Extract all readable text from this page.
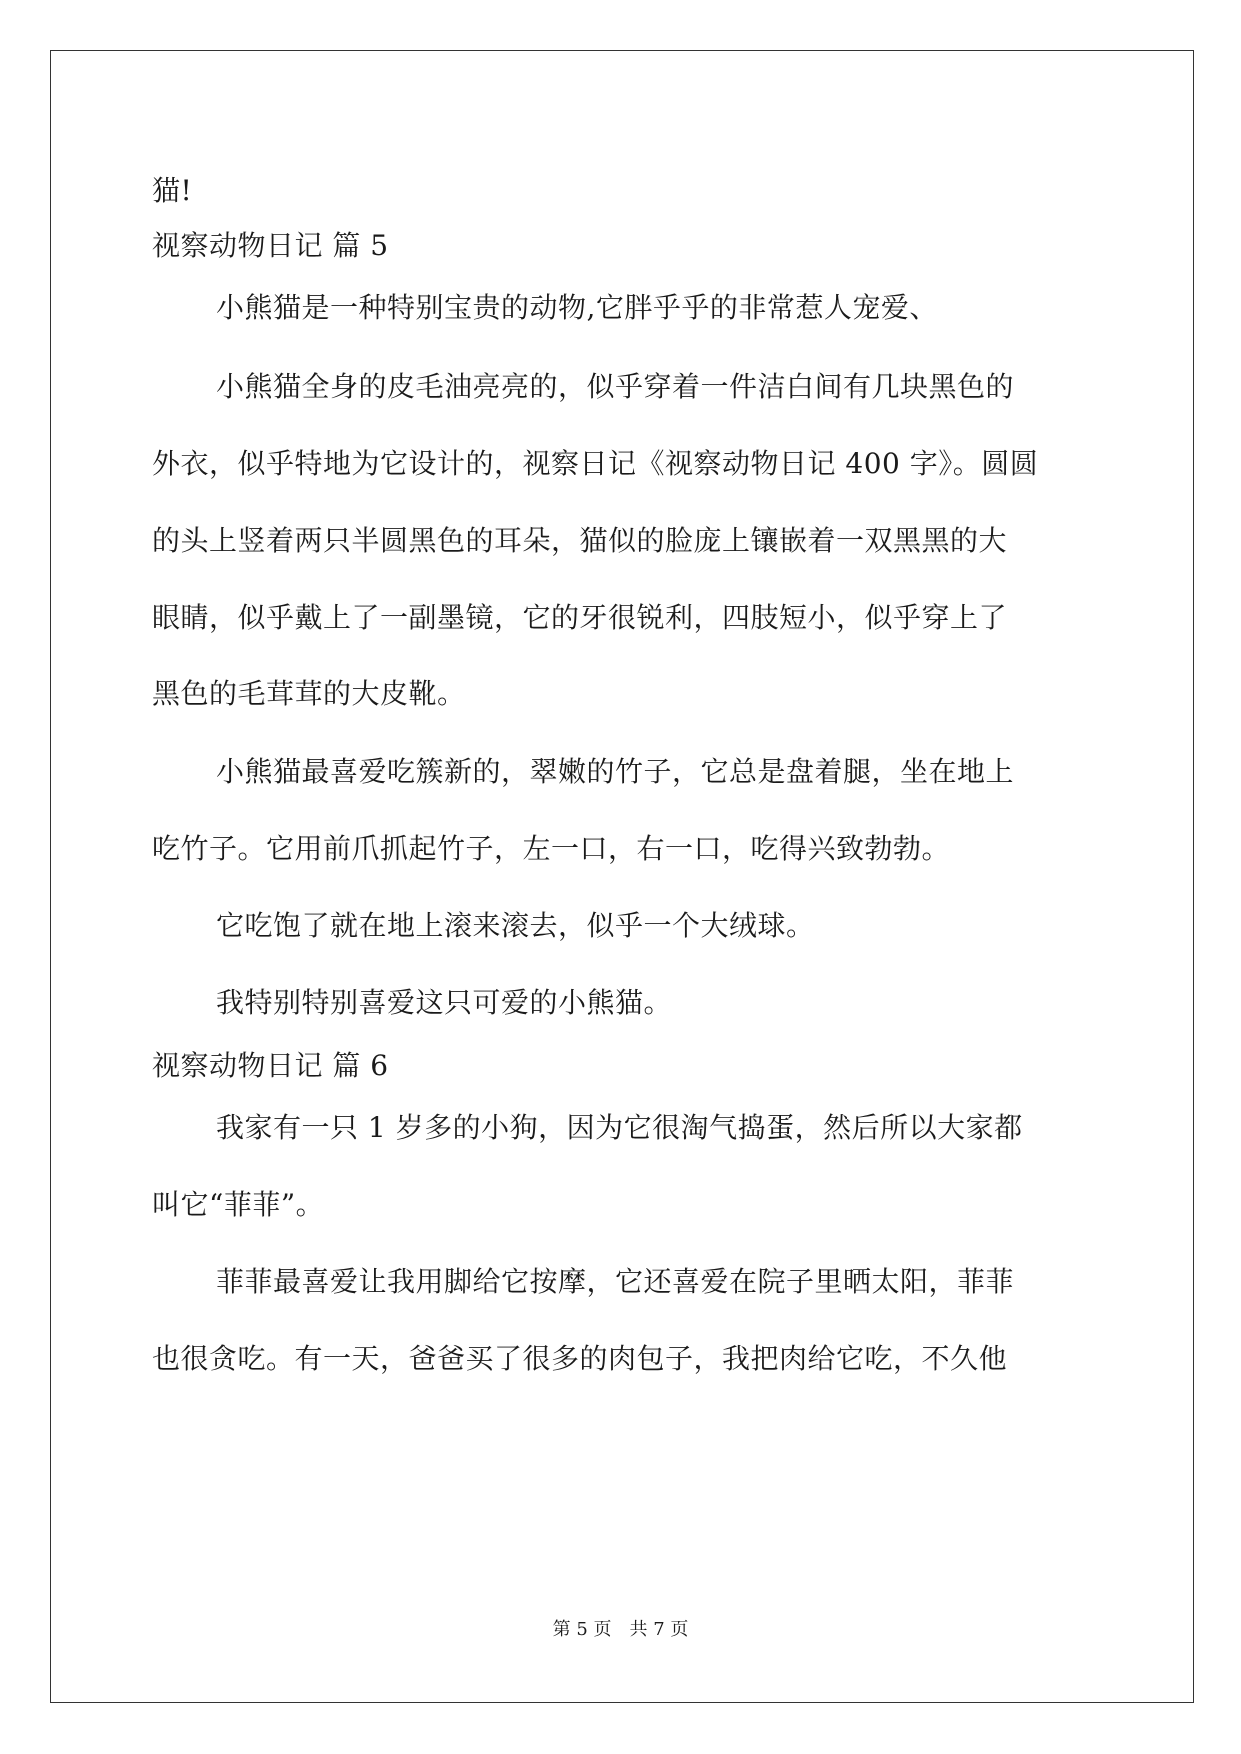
猫!
视察动物日记 篇 5
小熊猫是一种特别宝贵的动物,它胖乎乎的非常惹人宠爱、
小熊猫全身的皮毛油亮亮的，似乎穿着一件洁白间有几块黑色的
外衣，似乎特地为它设计的，视察日记《视察动物日记 400 字》。圆圆
的头上竖着两只半圆黑色的耳朵，猫似的脸庞上镶嵌着一双黑黑的大
眼睛，似乎戴上了一副墨镜，它的牙很锐利，四肢短小，似乎穿上了
黑色的毛茸茸的大皮靴。
小熊猫最喜爱吃簇新的，翠嫩的竹子，它总是盘着腿，坐在地上
吃竹子。它用前爪抓起竹子，左一口，右一口，吃得兴致勃勃。
它吃饱了就在地上滚来滚去，似乎一个大绒球。
我特别特别喜爱这只可爱的小熊猫。
视察动物日记 篇 6
我家有一只 1 岁多的小狗，因为它很淘气捣蛋，然后所以大家都
叫它“菲菲”。
菲菲最喜爱让我用脚给它按摩，它还喜爱在院子里晒太阳，菲菲
也很贪吃。有一天，爸爸买了很多的肉包子，我把肉给它吃，不久他
第 5 页　共 7 页
